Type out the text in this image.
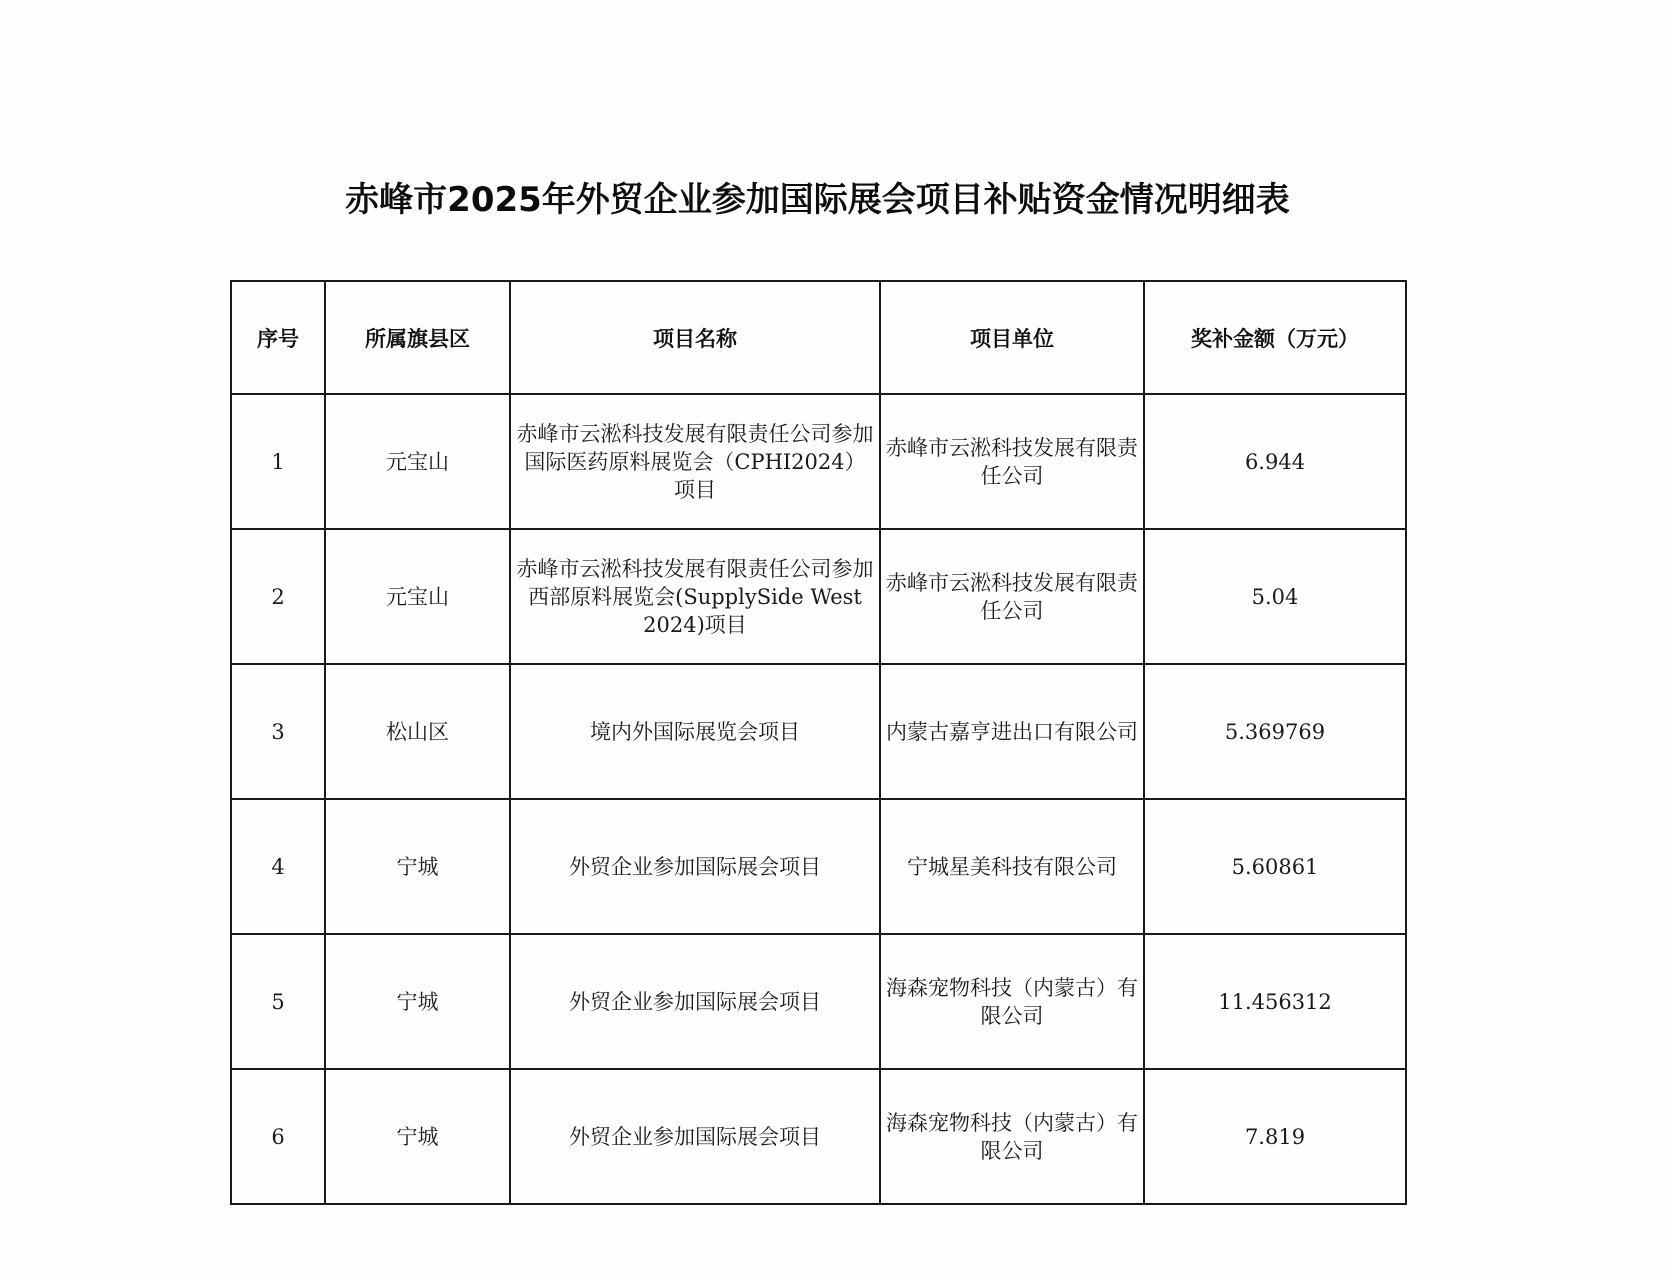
赤峰市2025年外贸企业参加国际展会项目补贴资金情况明细表
序号	所属旗县区	项目名称	项目单位	奖补金额（万元）
1	元宝山	赤峰市云淞科技发展有限责任公司参加国际医药原料展览会（CPHI2024）项目	赤峰市云淞科技发展有限责任公司	6.944
2	元宝山	赤峰市云淞科技发展有限责任公司参加西部原料展览会(SupplySide West 2024)项目	赤峰市云淞科技发展有限责任公司	5.04
3	松山区	境内外国际展览会项目	内蒙古嘉亨进出口有限公司	5.369769
4	宁城	外贸企业参加国际展会项目	宁城星美科技有限公司	5.60861
5	宁城	外贸企业参加国际展会项目	海森宠物科技（内蒙古）有限公司	11.456312
6	宁城	外贸企业参加国际展会项目	海森宠物科技（内蒙古）有限公司	7.819
